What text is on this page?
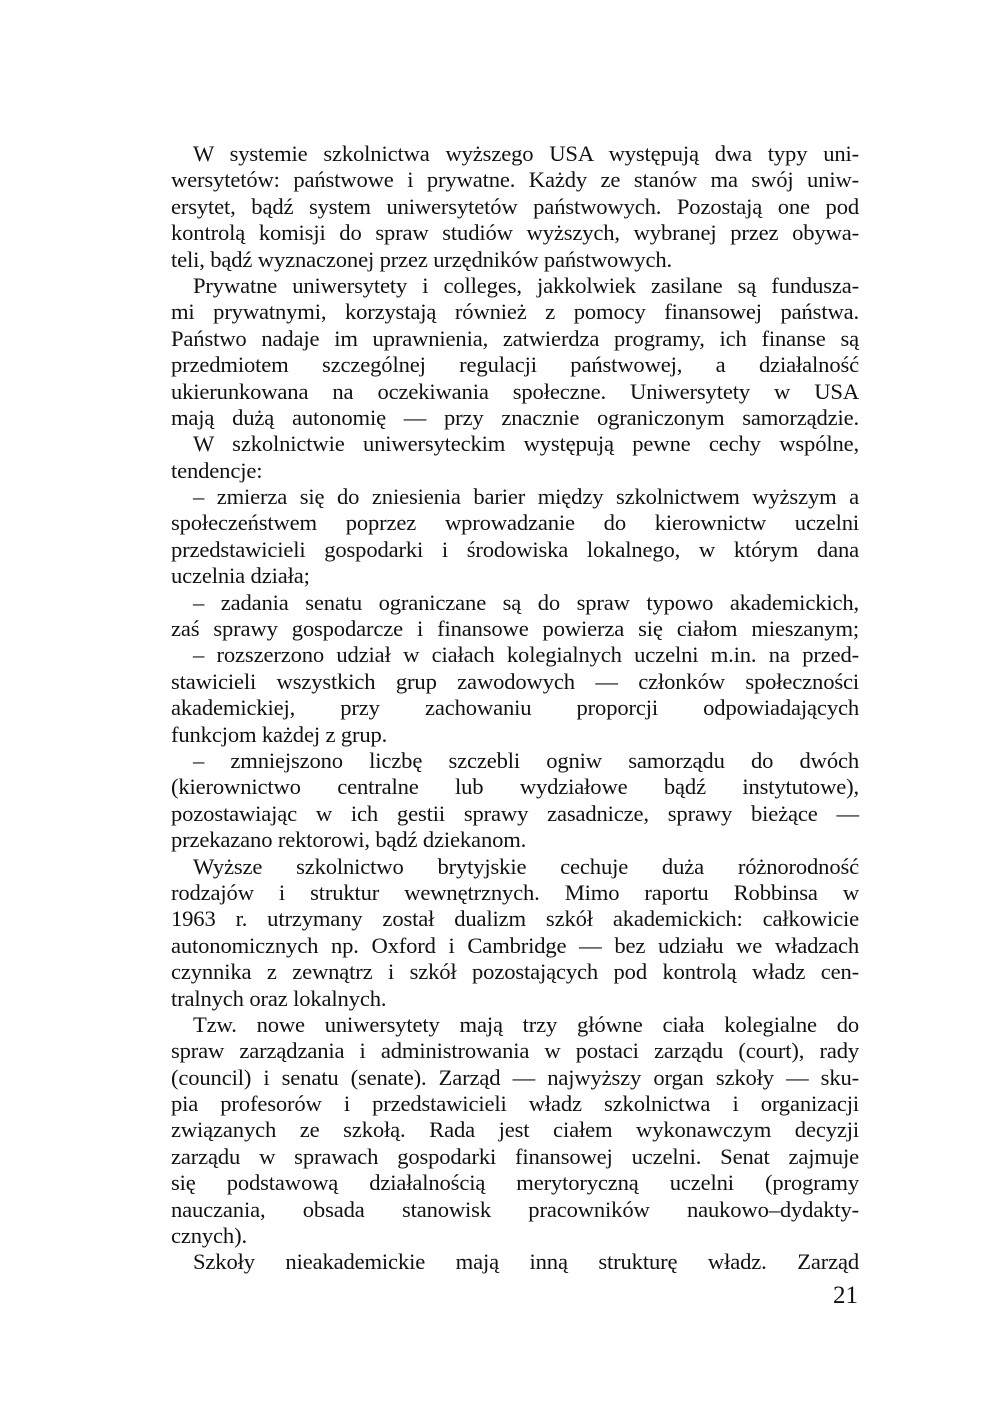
W systemie szkolnictwa wyższego USA występują dwa typy uni-
wersytetów: państwowe i prywatne. Każdy ze stanów ma swój uniw-
ersytet, bądź system uniwersytetów państwowych. Pozostają one pod
kontrolą komisji do spraw studiów wyższych, wybranej przez obywa-
teli, bądź wyznaczonej przez urzędników państwowych.
Prywatne uniwersytety i colleges, jakkolwiek zasilane są fundusza-
mi prywatnymi, korzystają również z pomocy finansowej państwa.
Państwo nadaje im uprawnienia, zatwierdza programy, ich finanse są
przedmiotem szczególnej regulacji państwowej, a działalność
ukierunkowana na oczekiwania społeczne. Uniwersytety w USA
mają dużą autonomię — przy znacznie ograniczonym samorządzie.
W szkolnictwie uniwersyteckim występują pewne cechy wspólne,
tendencje:
– zmierza się do zniesienia barier między szkolnictwem wyższym a
społeczeństwem poprzez wprowadzanie do kierownictw uczelni
przedstawicieli gospodarki i środowiska lokalnego, w którym dana
uczelnia działa;
– zadania senatu ograniczane są do spraw typowo akademickich,
zaś sprawy gospodarcze i finansowe powierza się ciałom mieszanym;
– rozszerzono udział w ciałach kolegialnych uczelni m.in. na przed-
stawicieli wszystkich grup zawodowych — członków społeczności
akademickiej, przy zachowaniu proporcji odpowiadających
funkcjom każdej z grup.
– zmniejszono liczbę szczebli ogniw samorządu do dwóch
(kierownictwo centralne lub wydziałowe bądź instytutowe),
pozostawiając w ich gestii sprawy zasadnicze, sprawy bieżące —
przekazano rektorowi, bądź dziekanom.
Wyższe szkolnictwo brytyjskie cechuje duża różnorodność
rodzajów i struktur wewnętrznych. Mimo raportu Robbinsa w
1963 r. utrzymany został dualizm szkół akademickich: całkowicie
autonomicznych np. Oxford i Cambridge — bez udziału we władzach
czynnika z zewnątrz i szkół pozostających pod kontrolą władz cen-
tralnych oraz lokalnych.
Tzw. nowe uniwersytety mają trzy główne ciała kolegialne do
spraw zarządzania i administrowania w postaci zarządu (court), rady
(council) i senatu (senate). Zarząd — najwyższy organ szkoły — sku-
pia profesorów i przedstawicieli władz szkolnictwa i organizacji
związanych ze szkołą. Rada jest ciałem wykonawczym decyzji
zarządu w sprawach gospodarki finansowej uczelni. Senat zajmuje
się podstawową działalnością merytoryczną uczelni (programy
nauczania, obsada stanowisk pracowników naukowo–dydakty-
cznych).
Szkoły nieakademickie mają inną strukturę władz. Zarząd
21
